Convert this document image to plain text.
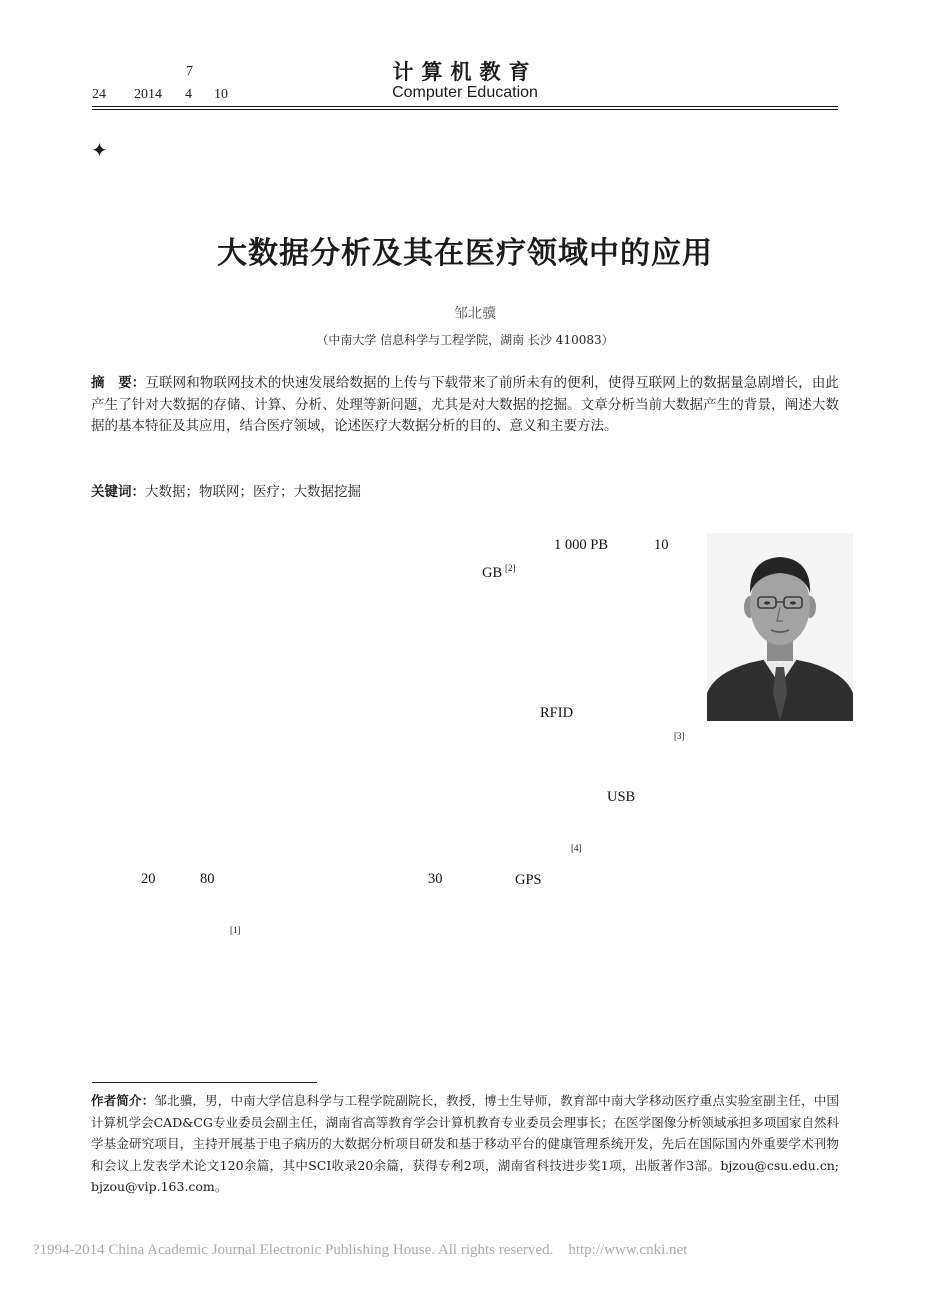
7
24 2014 4 10
计算机教育
Computer Education
✦
大数据分析及其在医疗领域中的应用
邹北骥
（中南大学 信息科学与工程学院，湖南 长沙 410083）
摘　要：互联网和物联网技术的快速发展给数据的上传与下载带来了前所未有的便利，使得互联网上的数据量急剧增长，由此产生了针对大数据的存储、计算、分析、处理等新问题，尤其是对大数据的挖掘。文章分析当前大数据产生的背景，阐述大数据的基本特征及其应用，结合医疗领域，论述医疗大数据分析的目的、意义和主要方法。
关键词：大数据；物联网；医疗；大数据挖掘
1 000 PB	10
GB [2]
RFID
[3]
USB
[4]
20	80	30	GPS
[1]
作者简介：邹北骥，男，中南大学信息科学与工程学院副院长，教授，博士生导师，教育部中南大学移动医疗重点实验室副主任，中国计算机学会CAD&CG专业委员会副主任，湖南省高等教育学会计算机教育专业委员会理事长；在医学图像分析领域承担多项国家自然科学基金研究项目，主持开展基于电子病历的大数据分析项目研发和基于移动平台的健康管理系统开发，先后在国际国内外重要学术刊物和会议上发表学术论文120余篇，其中SCI收录20余篇，获得专利2项，湖南省科技进步奖1项，出版著作3部。bjzou@csu.edu.cn; bjzou@vip.163.com。
?1994-2014 China Academic Journal Electronic Publishing House. All rights reserved.    http://www.cnki.net
